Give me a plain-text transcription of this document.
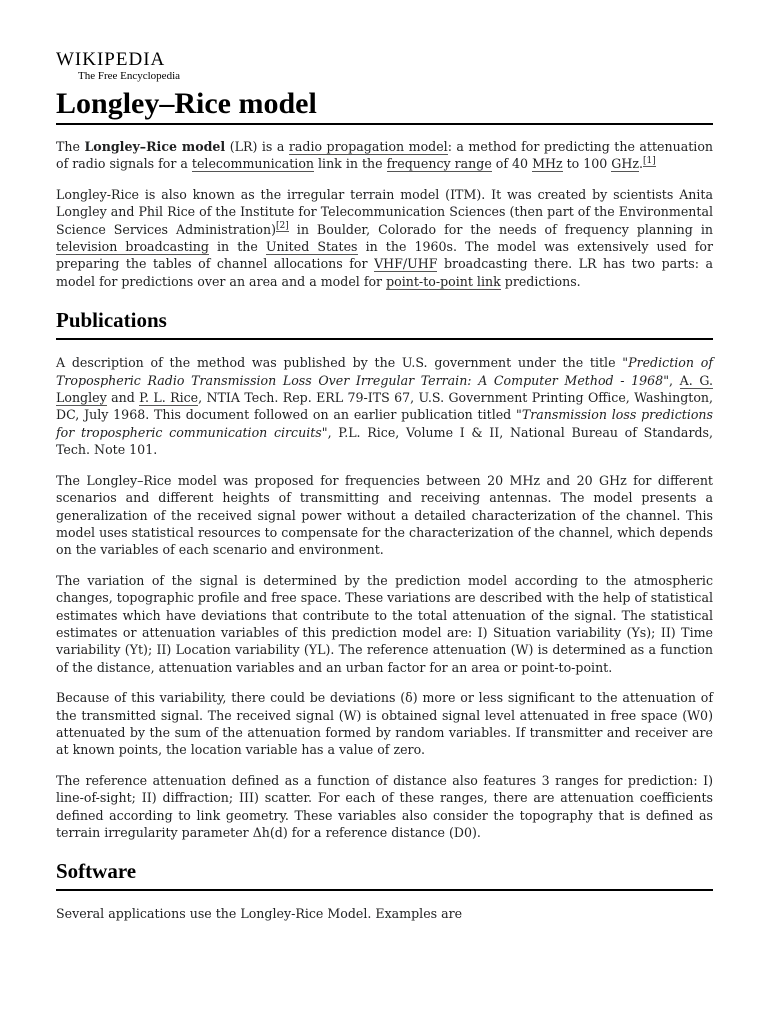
WIKIPEDIA
The Free Encyclopedia
Longley–Rice model

The Longley–Rice model (LR) is a radio propagation model: a method for predicting the attenuation of radio signals for a telecommunication link in the frequency range of 40 MHz to 100 GHz.[1]

Longley-Rice is also known as the irregular terrain model (ITM). It was created by scientists Anita Longley and Phil Rice of the Institute for Telecommunication Sciences (then part of the Environmental Science Services Administration)[2] in Boulder, Colorado for the needs of frequency planning in television broadcasting in the United States in the 1960s. The model was extensively used for preparing the tables of channel allocations for VHF/UHF broadcasting there. LR has two parts: a model for predictions over an area and a model for point-to-point link predictions.

Publications

A description of the method was published by the U.S. government under the title "Prediction of Tropospheric Radio Transmission Loss Over Irregular Terrain: A Computer Method - 1968", A. G. Longley and P. L. Rice, NTIA Tech. Rep. ERL 79-ITS 67, U.S. Government Printing Office, Washington, DC, July 1968. This document followed on an earlier publication titled "Transmission loss predictions for tropospheric communication circuits", P.L. Rice, Volume I & II, National Bureau of Standards, Tech. Note 101.

The Longley–Rice model was proposed for frequencies between 20 MHz and 20 GHz for different scenarios and different heights of transmitting and receiving antennas. The model presents a generalization of the received signal power without a detailed characterization of the channel. This model uses statistical resources to compensate for the characterization of the channel, which depends on the variables of each scenario and environment.

The variation of the signal is determined by the prediction model according to the atmospheric changes, topographic profile and free space. These variations are described with the help of statistical estimates which have deviations that contribute to the total attenuation of the signal. The statistical estimates or attenuation variables of this prediction model are: I) Situation variability (Ys); II) Time variability (Yt); II) Location variability (YL). The reference attenuation (W) is determined as a function of the distance, attenuation variables and an urban factor for an area or point-to-point.

Because of this variability, there could be deviations (δ) more or less significant to the attenuation of the transmitted signal. The received signal (W) is obtained signal level attenuated in free space (W0) attenuated by the sum of the attenuation formed by random variables. If transmitter and receiver are at known points, the location variable has a value of zero.

The reference attenuation defined as a function of distance also features 3 ranges for prediction: I) line-of-sight; II) diffraction; III) scatter. For each of these ranges, there are attenuation coefficients defined according to link geometry. These variables also consider the topography that is defined as terrain irregularity parameter Δh(d) for a reference distance (D0).

Software

Several applications use the Longley-Rice Model. Examples are
